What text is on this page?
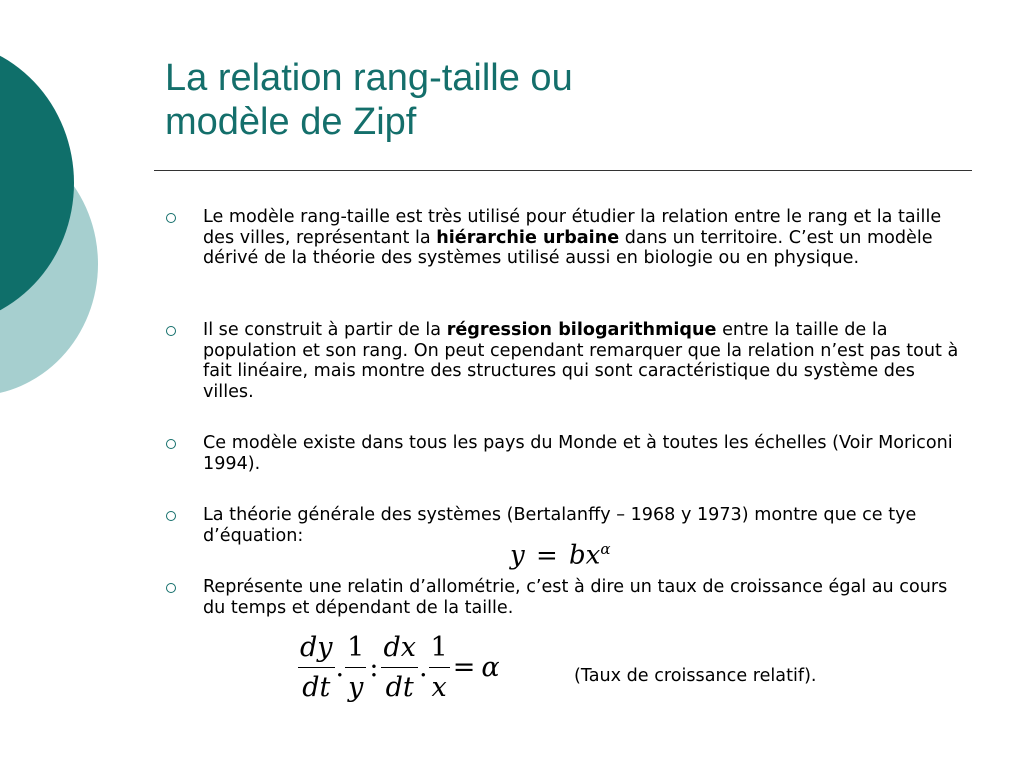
La relation rang-taille ou
modèle de Zipf
Le modèle rang-taille est très utilisé pour étudier la relation entre le rang et la taille des villes, représentant la hiérarchie urbaine dans un territoire. C’est un modèle dérivé de la théorie des systèmes utilisé aussi en biologie ou en physique.
Il se construit à partir de la régression bilogarithmique entre la taille de la population et son rang. On peut cependant remarquer que la relation n’est pas tout à fait linéaire, mais montre des structures qui sont caractéristique du système des villes.
Ce modèle existe dans tous les pays du Monde et à toutes les échelles (Voir Moriconi 1994).
La théorie générale des systèmes (Bertalanffy – 1968 y 1973) montre que ce tye d’équation:
Représente une relatin d’allométrie, c’est à dire un taux de croissance égal au cours du temps et dépendant de la taille.
$y = bx^\alpha$
$\frac{dy}{dt}$ . $\frac{1}{y}$ : $\frac{dx}{dt}$ . $\frac{1}{x} = \alpha$	(Taux de croissance relatif).
